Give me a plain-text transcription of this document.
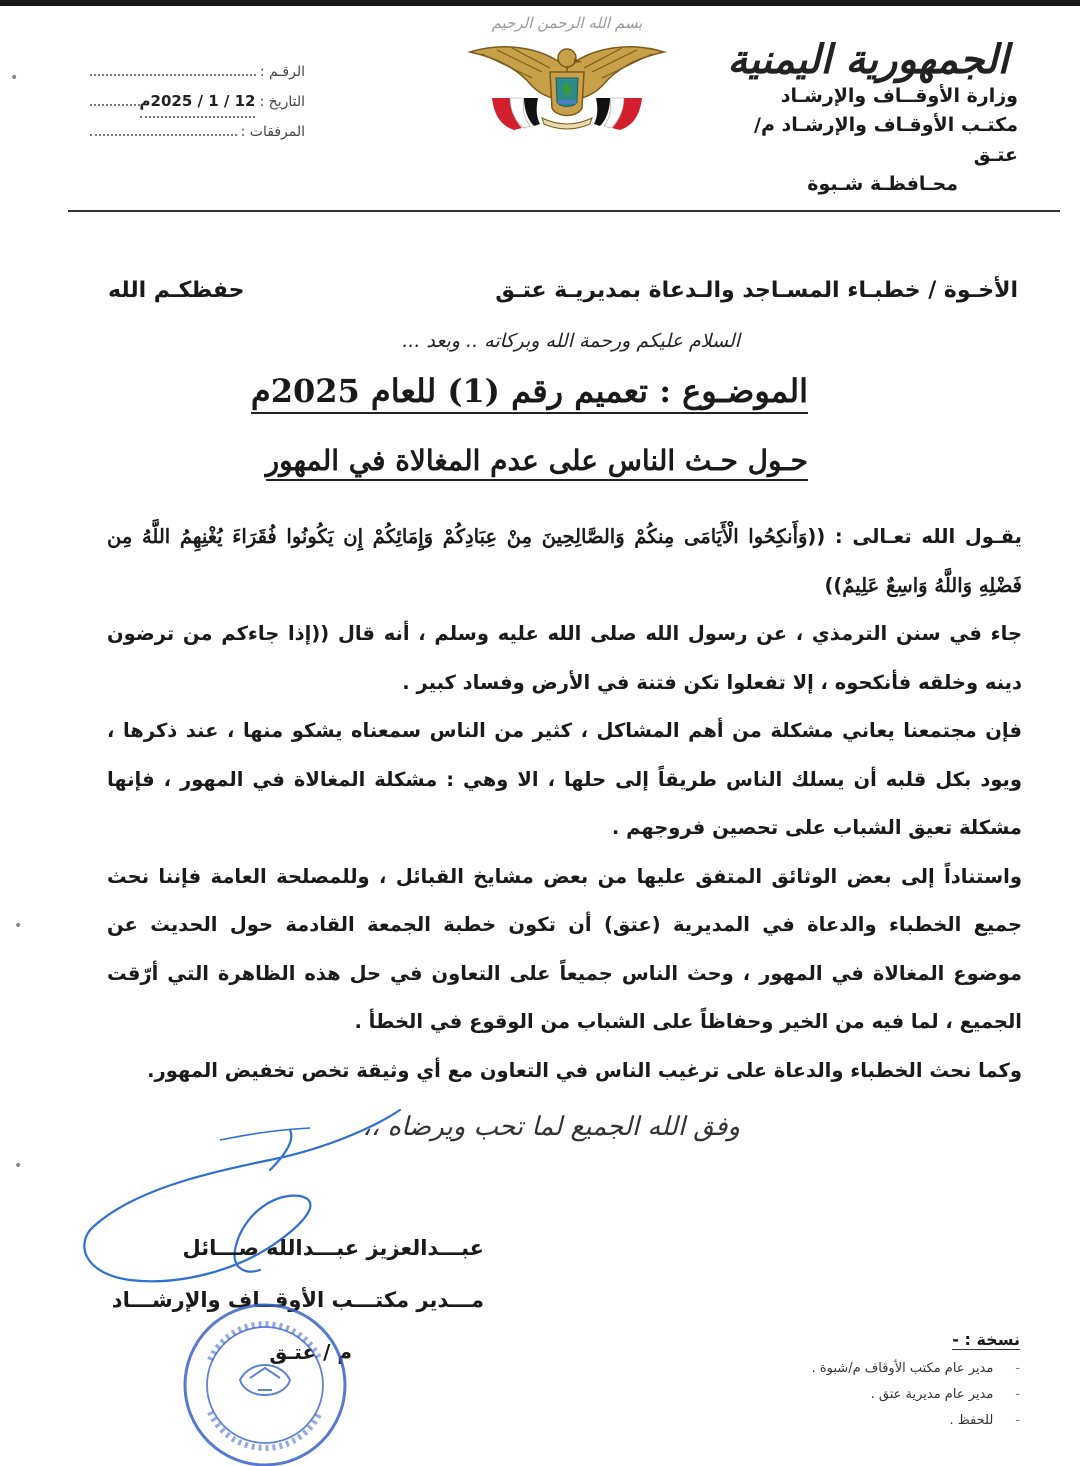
الجمهورية اليمنية
وزارة الأوقــاف والإرشـاد
مكتـب الأوقـاف والإرشـاد م/عتـق
محـافظـة شـبوة
بسم الله الرحمن الرحيم
الرقـم :
التاريخ :
12 / 1 / 2025م
المرفقات :
الأخـوة / خطبـاء المسـاجد والـدعاة بمديريـة عتـق
حفظكـم الله
السلام عليكم ورحمة الله وبركاته .. وبعد ...
الموضـوع : تعميم رقم (1) للعام 2025م
حـول حـث الناس على عدم المغالاة في المهور

يقـول الله تعـالى : ((وَأَنكِحُوا الْأَيَامَى مِنكُمْ وَالصَّالِحِينَ مِنْ عِبَادِكُمْ وَإِمَائِكُمْ إِن يَكُونُوا فُقَرَاءَ يُغْنِهِمُ اللَّهُ مِن فَضْلِهِ وَاللَّهُ وَاسِعٌ عَلِيمٌ))

جاء في سنن الترمذي ، عن رسول الله صلى الله عليه وسلم ، أنه قال ((إذا جاءكم من ترضون دينه وخلقه فأنكحوه ، إلا تفعلوا تكن فتنة في الأرض وفساد كبير .

فإن مجتمعنا يعاني مشكلة من أهم المشاكل ، كثير من الناس سمعناه يشكو منها ، عند ذكرها ، ويود بكل قلبه أن يسلك الناس طريقاً إلى حلها ، الا وهي : مشكلة المغالاة في المهور ، فإنها مشكلة تعيق الشباب على تحصين فروجهم .

واستناداً إلى بعض الوثائق المتفق عليها من بعض مشايخ القبائل ، وللمصلحة العامة فإننا نحث جميع الخطباء والدعاة في المديرية (عتق) أن تكون خطبة الجمعة القادمة حول الحديث عن موضوع المغالاة في المهور ، وحث الناس جميعاً على التعاون في حل هذه الظاهرة التي أرّقت الجميع ، لما فيه من الخير وحفاظاً على الشباب من الوقوع في الخطأ .

وكما نحث الخطباء والدعاة على ترغيب الناس في التعاون مع أي وثيقة تخص تخفيض المهور.

وفق الله الجميع لما تحب ويرضاه ،،
عبـــدالعزيز عبـــدالله صـــائل
مـــدير مكتـــب الأوقــاف والإرشـــاد
م / عتـق
نسخة : -
-
مدير عام مكتب الأوقاف م/شبوة .
-
مدير عام مديرية عتق .
-
للحفظ .
•
•
•
